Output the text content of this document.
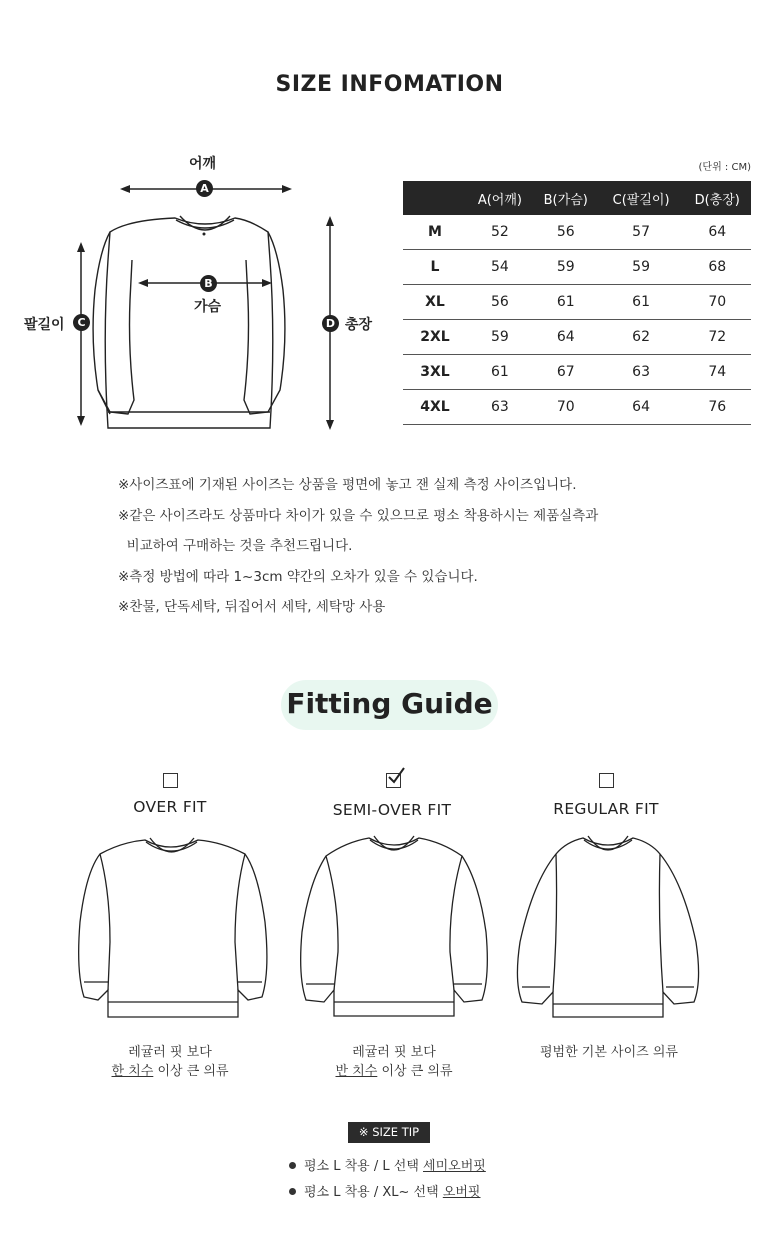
SIZE INFOMATION
어깨
A
B
가슴
팔길이	C	D 총장
(단위 : CM)
	A(어깨)	B(가슴)	C(팔길이)	D(총장)
M	52	56	57	64
L	54	59	59	68
XL	56	61	61	70
2XL	59	64	62	72
3XL	61	67	63	74
4XL	63	70	64	76
※사이즈표에 기재된 사이즈는 상품을 평면에 놓고 잰 실제 측정 사이즈입니다.
※같은 사이즈라도 상품마다 차이가 있을 수 있으므로 평소 착용하시는 제품실측과
비교하여 구매하는 것을 추천드립니다.
※측정 방법에 따라 1~3cm 약간의 오차가 있을 수 있습니다.
※찬물, 단독세탁, 뒤집어서 세탁, 세탁망 사용
Fitting Guide
OVER FIT
레귤러 핏 보다
한 치수 이상 큰 의류
SEMI-OVER FIT
레귤러 핏 보다
반 치수 이상 큰 의류
REGULAR FIT
평범한 기본 사이즈 의류
※ SIZE TIP
평소 L 착용 / L 선택 세미오버핏
평소 L 착용 / XL~ 선택 오버핏
